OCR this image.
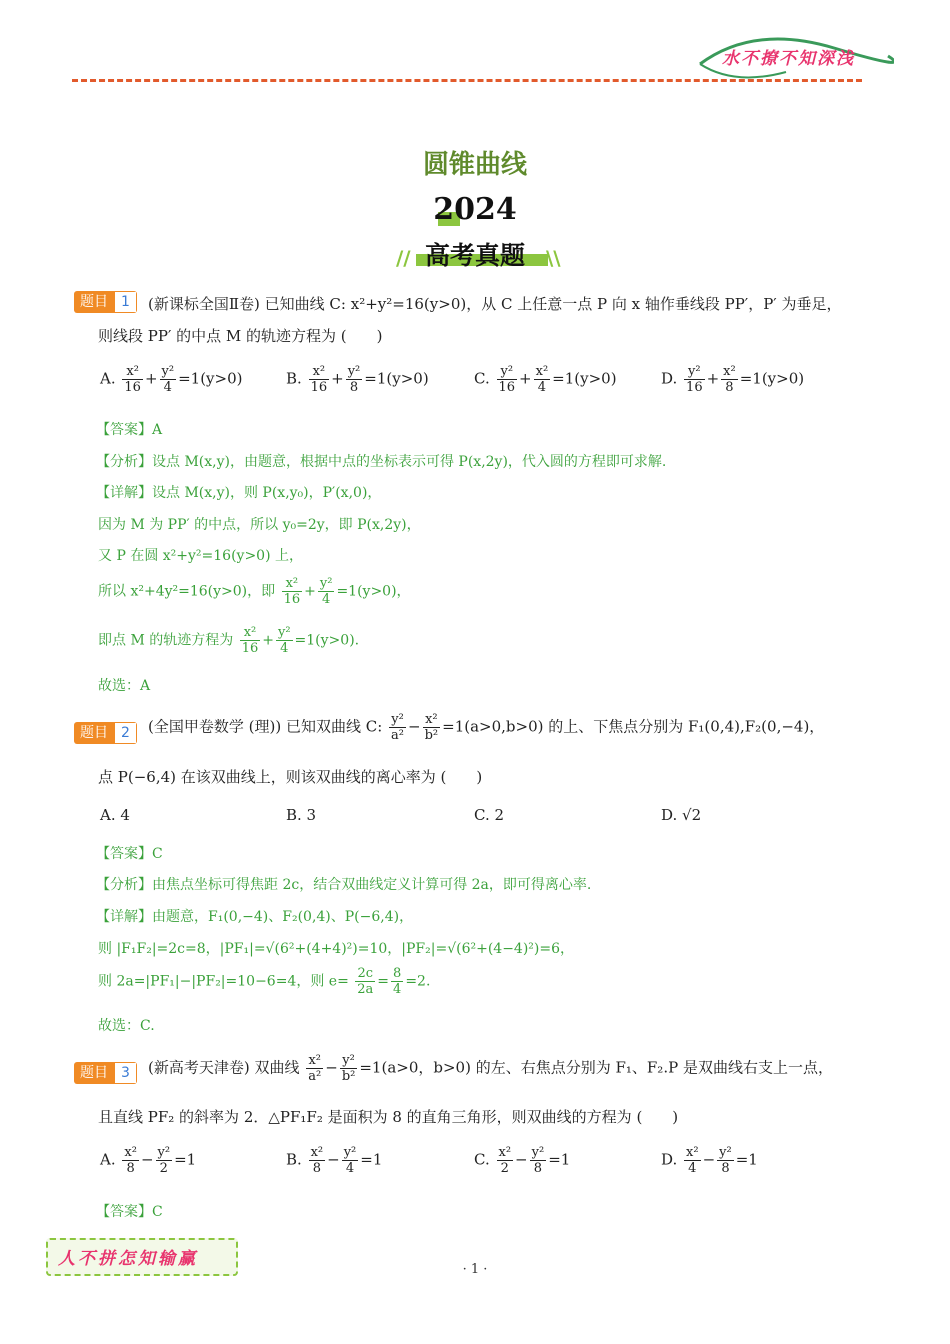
水不撩不知深浅
圆锥曲线
2024
// 高考真题	\\
题目 1	(新课标全国Ⅱ卷) 已知曲线 C: x²+y²=16(y>0)，从 C 上任意一点 P 向 x 轴作垂线段 PP′，P′ 为垂足，
则线段 PP′ 的中点 M 的轨迹方程为 (　　)
A. $\frac{\text{x²}}{16} + \frac{\text{y²}}{4} =1(y>0)$	B. $\frac{\text{x²}}{16} + \frac{\text{y²}}{8} =1(y>0)$	C. $\frac{\text{y²}}{16} + \frac{\text{x²}}{4} =1(y>0)$	D. $\frac{\text{y²}}{16} + \frac{\text{x²}}{8} =1(y>0)$
【答案】A
【分析】设点 M(x,y)，由题意，根据中点的坐标表示可得 P(x,2y)，代入圆的方程即可求解.
【详解】设点 M(x,y)，则 P(x,y₀)，P′(x,0)，
因为 M 为 PP′ 的中点，所以 y₀=2y，即 P(x,2y)，
又 P 在圆 x²+y²=16(y>0) 上，
所以 x²+4y²=16(y>0)，即 $\frac{\text{x²}}{16} + \frac{\text{y²}}{4} =1(y>0)$，
即点 M 的轨迹方程为 $\frac{\text{x²}}{16} + \frac{\text{y²}}{4} =1(y>0)$.
故选：A
题目 2	(全国甲卷数学 (理)) 已知双曲线 C: $\frac{\text{y²}}{\text{a²}} - \frac{\text{x²}}{\text{b²}} =1(a>0,b>0)$ 的上、下焦点分别为 F₁(0,4),F₂(0,−4)，
点 P(−6,4) 在该双曲线上，则该双曲线的离心率为 (　　)
A. 4	B. 3	C. 2	D. √2
【答案】C
【分析】由焦点坐标可得焦距 2c，结合双曲线定义计算可得 2a，即可得离心率.
【详解】由题意，F₁(0,−4)、F₂(0,4)、P(−6,4)，
则 |F₁F₂|=2c=8，|PF₁|=√(6²+(4+4)²)=10，|PF₂|=√(6²+(4−4)²)=6，
则 2a=|PF₁|−|PF₂|=10−6=4，则 $e= \frac{2c}{2a} = \frac{8}{4} =2$.
故选：C.
题目 3	(新高考天津卷) 双曲线 $\frac{\text{x²}}{\text{a²}} - \frac{\text{y²}}{\text{b²}} =1(a>0$，b>0) 的左、右焦点分别为 F₁、F₂.P 是双曲线右支上一点，
且直线 PF₂ 的斜率为 2．△PF₁F₂ 是面积为 8 的直角三角形，则双曲线的方程为 (　　)
A. $\frac{\text{x²}}{8} - \frac{\text{y²}}{2} =1$	B. $\frac{\text{x²}}{8} - \frac{\text{y²}}{4} =1$	C. $\frac{\text{x²}}{2} - \frac{\text{y²}}{8} =1$	D. $\frac{\text{x²}}{4} - \frac{\text{y²}}{8} =1$
【答案】C
人不拼怎知输赢
· 1 ·
